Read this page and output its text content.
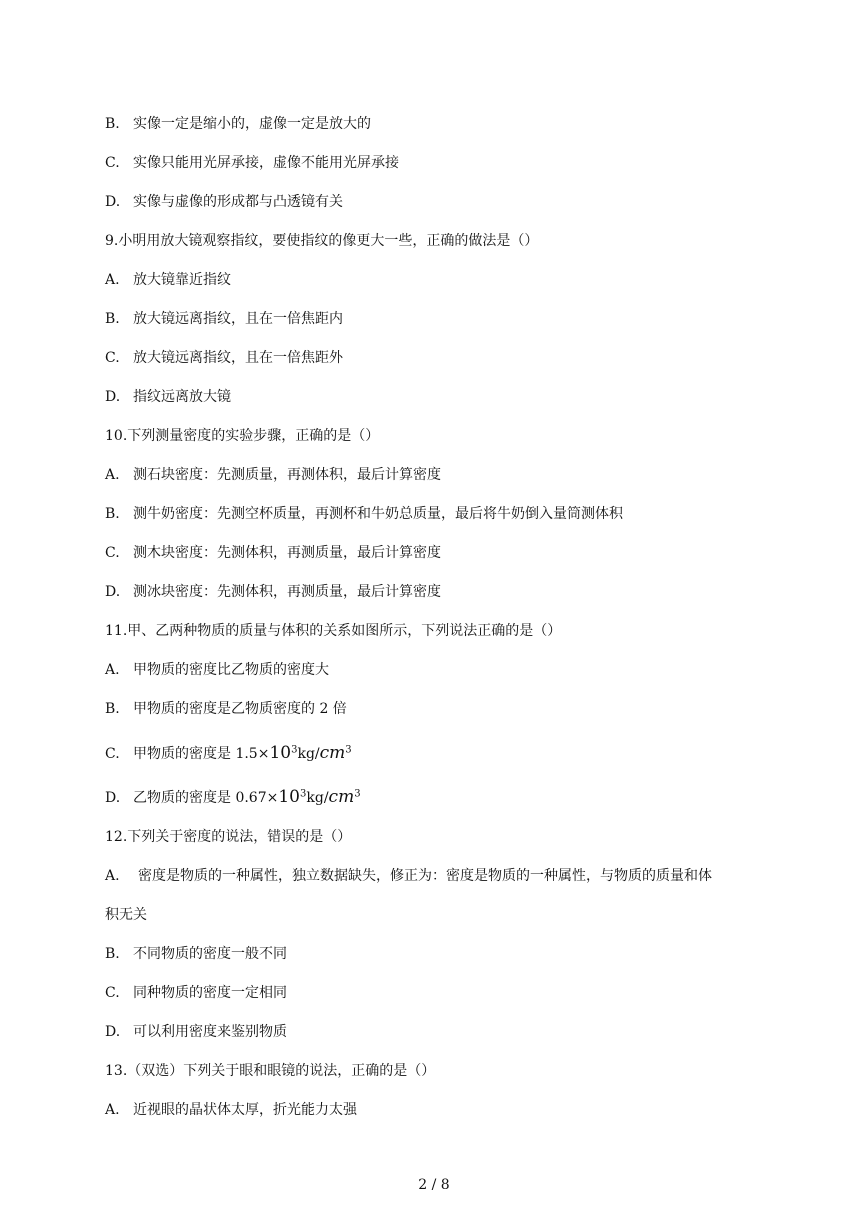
B. 实像一定是缩小的，虚像一定是放大的
C. 实像只能用光屏承接，虚像不能用光屏承接
D. 实像与虚像的形成都与凸透镜有关
9.小明用放大镜观察指纹，要使指纹的像更大一些，正确的做法是（）
A. 放大镜靠近指纹
B. 放大镜远离指纹，且在一倍焦距内
C. 放大镜远离指纹，且在一倍焦距外
D. 指纹远离放大镜
10.下列测量密度的实验步骤，正确的是（）
A. 测石块密度：先测质量，再测体积，最后计算密度
B. 测牛奶密度：先测空杯质量，再测杯和牛奶总质量，最后将牛奶倒入量筒测体积
C. 测木块密度：先测体积，再测质量，最后计算密度
D. 测冰块密度：先测体积，再测质量，最后计算密度
11.甲、乙两种物质的质量与体积的关系如图所示，下列说法正确的是（）
A. 甲物质的密度比乙物质的密度大
B. 甲物质的密度是乙物质密度的 2 倍
C. 甲物质的密度是 $1.5\times 10^3kg/cm^3$
D. 乙物质的密度是 $0.67\times 10^3kg/cm^3$
12.下列关于密度的说法，错误的是（）
A. 密度是物质的一种属性，独立数据缺失，修正为：密度是物质的一种属性，与物质的质量和体
积无关
B. 不同物质的密度一般不同
C. 同种物质的密度一定相同
D. 可以利用密度来鉴别物质
13.（双选）下列关于眼和眼镜的说法，正确的是（）
A. 近视眼的晶状体太厚，折光能力太强
2 / 8
